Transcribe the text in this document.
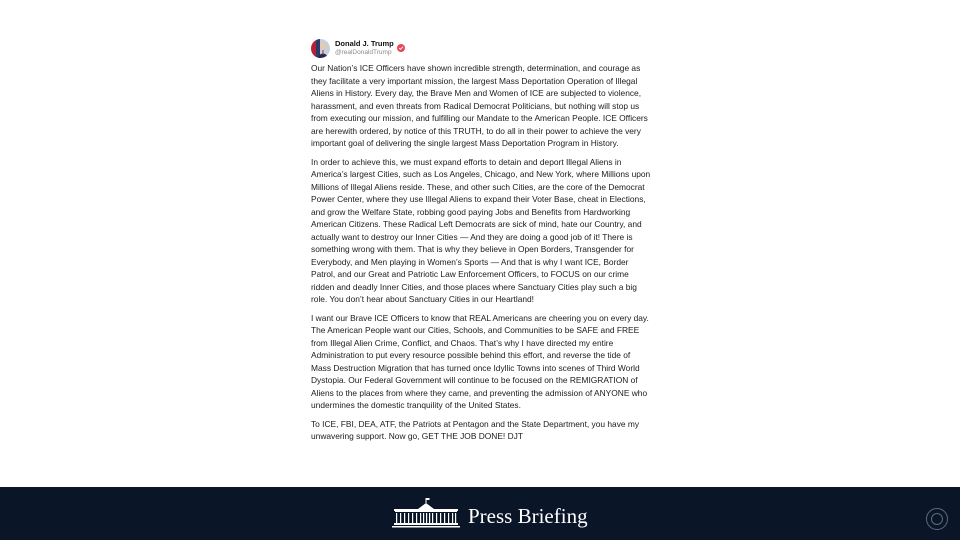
Donald J. Trump
@realDonaldTrump

Our Nation’s ICE Officers have shown incredible strength, determination, and courage as they facilitate a very important mission, the largest Mass Deportation Operation of Illegal Aliens in History. Every day, the Brave Men and Women of ICE are subjected to violence, harassment, and even threats from Radical Democrat Politicians, but nothing will stop us from executing our mission, and fulfilling our Mandate to the American People. ICE Officers are herewith ordered, by notice of this TRUTH, to do all in their power to achieve the very important goal of delivering the single largest Mass Deportation Program in History.

In order to achieve this, we must expand efforts to detain and deport Illegal Aliens in America’s largest Cities, such as Los Angeles, Chicago, and New York, where Millions upon Millions of Illegal Aliens reside. These, and other such Cities, are the core of the Democrat Power Center, where they use Illegal Aliens to expand their Voter Base, cheat in Elections, and grow the Welfare State, robbing good paying Jobs and Benefits from Hardworking American Citizens. These Radical Left Democrats are sick of mind, hate our Country, and actually want to destroy our Inner Cities — And they are doing a good job of it! There is something wrong with them. That is why they believe in Open Borders, Transgender for Everybody, and Men playing in Women’s Sports — And that is why I want ICE, Border Patrol, and our Great and Patriotic Law Enforcement Officers, to FOCUS on our crime ridden and deadly Inner Cities, and those places where Sanctuary Cities play such a big role. You don’t hear about Sanctuary Cities in our Heartland!

I want our Brave ICE Officers to know that REAL Americans are cheering you on every day. The American People want our Cities, Schools, and Communities to be SAFE and FREE from Illegal Alien Crime, Conflict, and Chaos. That’s why I have directed my entire Administration to put every resource possible behind this effort, and reverse the tide of Mass Destruction Migration that has turned once Idyllic Towns into scenes of Third World Dystopia. Our Federal Government will continue to be focused on the REMIGRATION of Aliens to the places from where they came, and preventing the admission of ANYONE who undermines the domestic tranquility of the United States.

To ICE, FBI, DEA, ATF, the Patriots at Pentagon and the State Department, you have my unwavering support. Now go, GET THE JOB DONE! DJT

Press Briefing
